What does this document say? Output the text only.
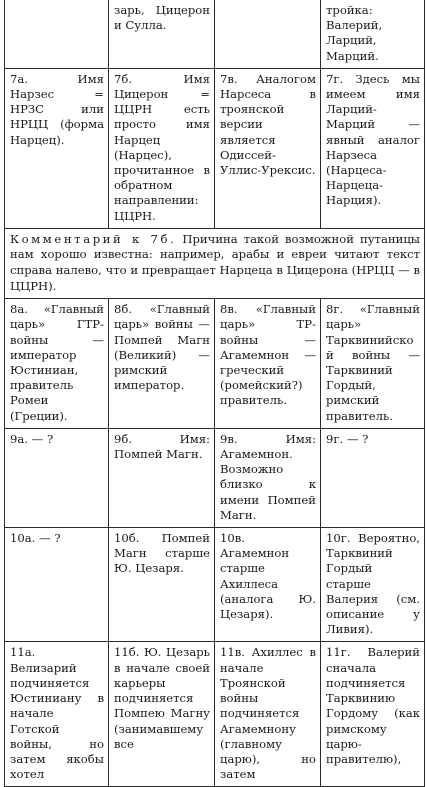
	зарь, Цицерон и Сулла.		тройка: Валерий, Ларций, Марций.

7а. Имя Нарзес = НРЗС или НРЦЦ (форма Нарцец).	7б. Имя Цицерон = ЦЦРН есть просто имя Нарцец (Нарцес), прочитанное в обратном направлении: ЦЦРН.	7в. Аналогом Нарсеса в троянской версии является Одиссей-Уллис-Урексис.	7г. Здесь мы имеем имя Ларций-Марций — явный аналог Нарзеса (Нарцеса-Нарцеца-Нарция).

Комментарий к 7б. Причина такой возможной путаницы нам хорошо известна: например, арабы и евреи читают текст справа налево, что и превращает Нарцеца в Цицерона (НРЦЦ — в ЦЦРН).			

8а. «Главный царь» ГТР-войны — император Юстиниан, правитель Ромеи (Греции).	8б. «Главный царь» войны — Помпей Магн (Великий) — римский император.	8в. «Главный царь» ТР-войны — Агамемнон — греческий (ромейский?) правитель.	8г. «Главный царь» Тарквинийской войны — Тарквиний Гордый, римский правитель.

9а. — ?	9б. Имя: Помпей Магн.	9в. Имя: Агамемнон. Возможно близко к имени Помпей Магн.	9г. — ?

10а. — ?	10б. Помпей Магн старше Ю. Цезаря.	10в. Агамемнон старше Ахиллеса (аналога Ю. Цезаря).	10г. Вероятно, Тарквиний Гордый старше Валерия (см. описание у Ливия).

11а. Велизарий подчиняется Юстиниану в начале Готской войны, но затем якобы хотел	11б. Ю. Цезарь в начале своей карьеры подчиняется Помпею Магну (занимавшему все	11в. Ахиллес в начале Троянской войны подчиняется Агамемнону (главному царю), но затем	11г. Валерий сначала подчиняется Тарквинию Гордому (как римскому царю-правителю),
